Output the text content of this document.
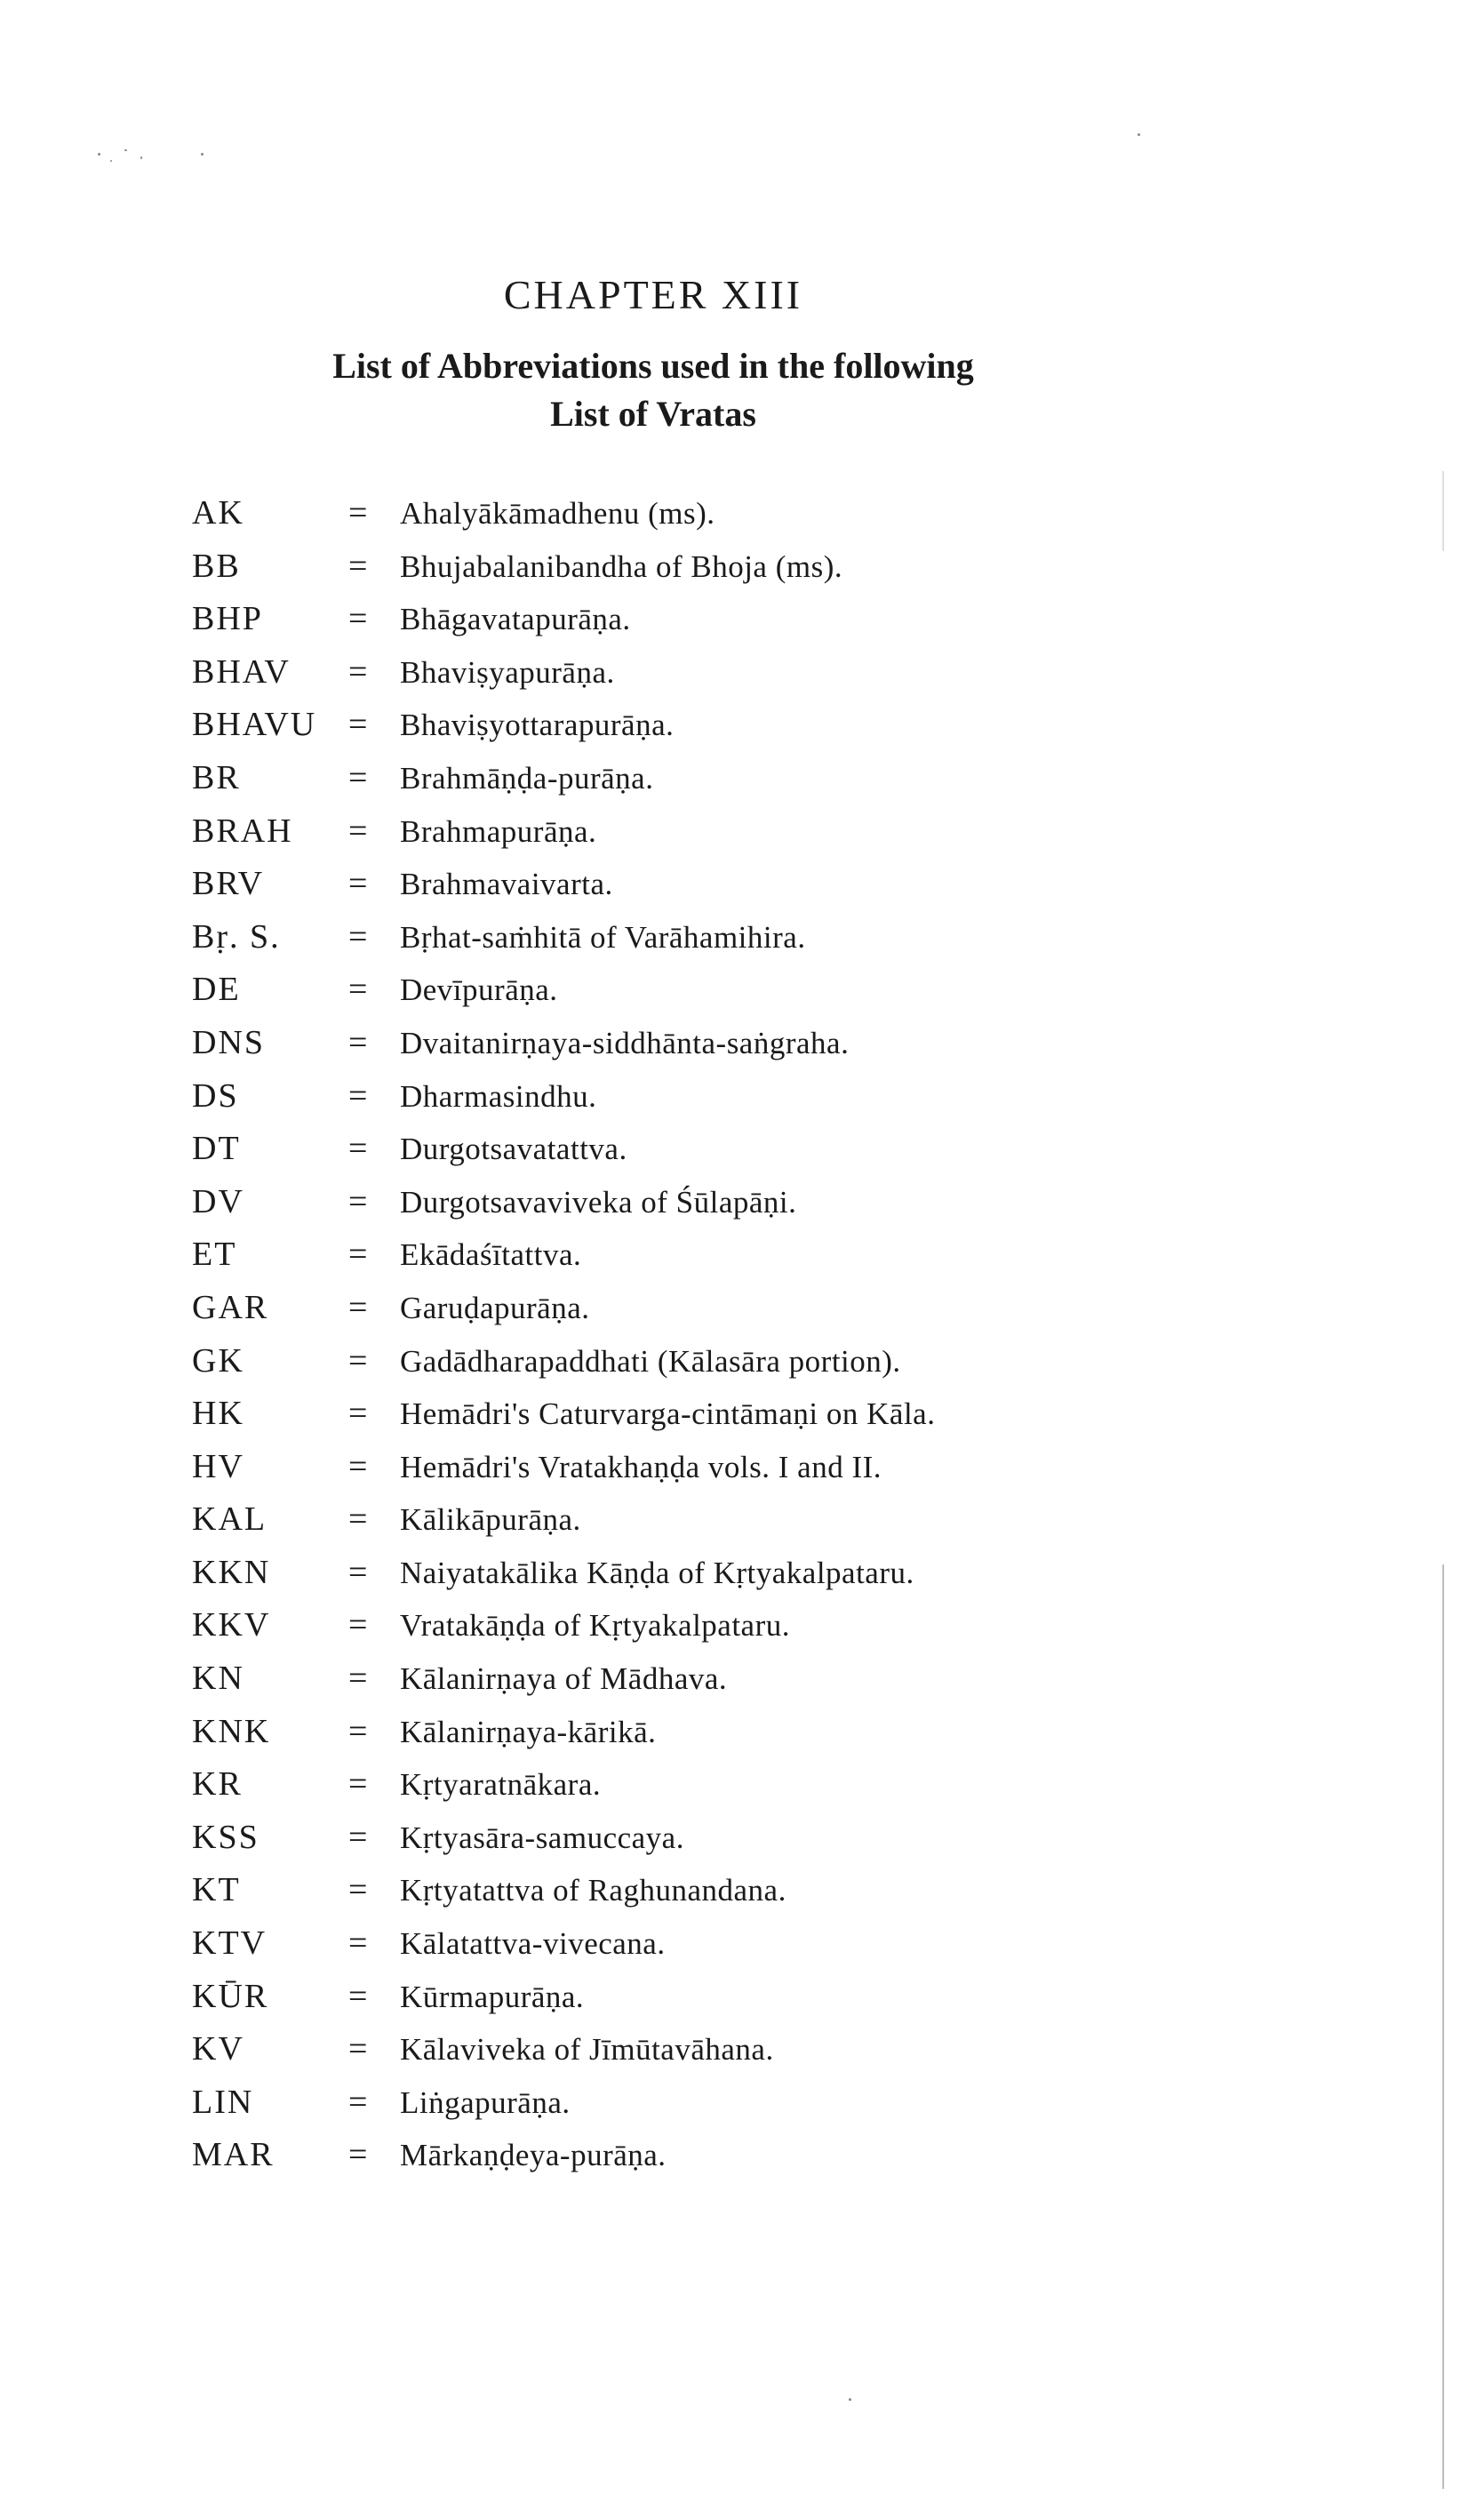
CHAPTER XIII
List of Abbreviations used in the following
List of Vratas
AK	= Ahalyākāmadhenu (ms).
BB	= Bhujabalanibandha of Bhoja (ms).
BHP	= Bhāgavatapurāṇa.
BHAV = Bhaviṣyapurāṇa.
BHAVU = Bhaviṣyottarapurāṇa.
BR	= Brahmāṇḍa-purāṇa.
BRAH = Brahmapurāṇa.
BRV = Brahmavaivarta.
Bṛ. S. = Bṛhat-saṁhitā of Varāhamihira.
DE	= Devīpurāṇa.
DNS = Dvaitanirṇaya-siddhānta-saṅgraha.
DS	= Dharmasindhu.
DT	= Durgotsavatattva.
DV	= Durgotsavaviveka of Śūlapāṇi.
ET	= Ekādaśītattva.
GAR = Garuḍapurāṇa.
GK	= Gadādharapaddhati (Kālasāra portion).
HK	= Hemādri's Caturvarga-cintāmaṇi on Kāla.
HV	= Hemādri's Vratakhaṇḍa vols. I and II.
KAL = Kālikāpurāṇa.
KKN = Naiyatakālika Kāṇḍa of Kṛtyakalpataru.
KKV = Vratakāṇḍa of Kṛtyakalpataru.
KN	= Kālanirṇaya of Mādhava.
KNK = Kālanirṇaya-kārikā.
KR	= Kṛtyaratnākara.
KSS	= Kṛtyasāra-samuccaya.
KT	= Kṛtyatattva of Raghunandana.
KTV = Kālatattva-vivecana.
KŪR = Kūrmapurāṇa.
KV	= Kālaviveka of Jīmūtavāhana.
LIN	= Liṅgapurāṇa.
MAR = Mārkaṇḍeya-purāṇa.
